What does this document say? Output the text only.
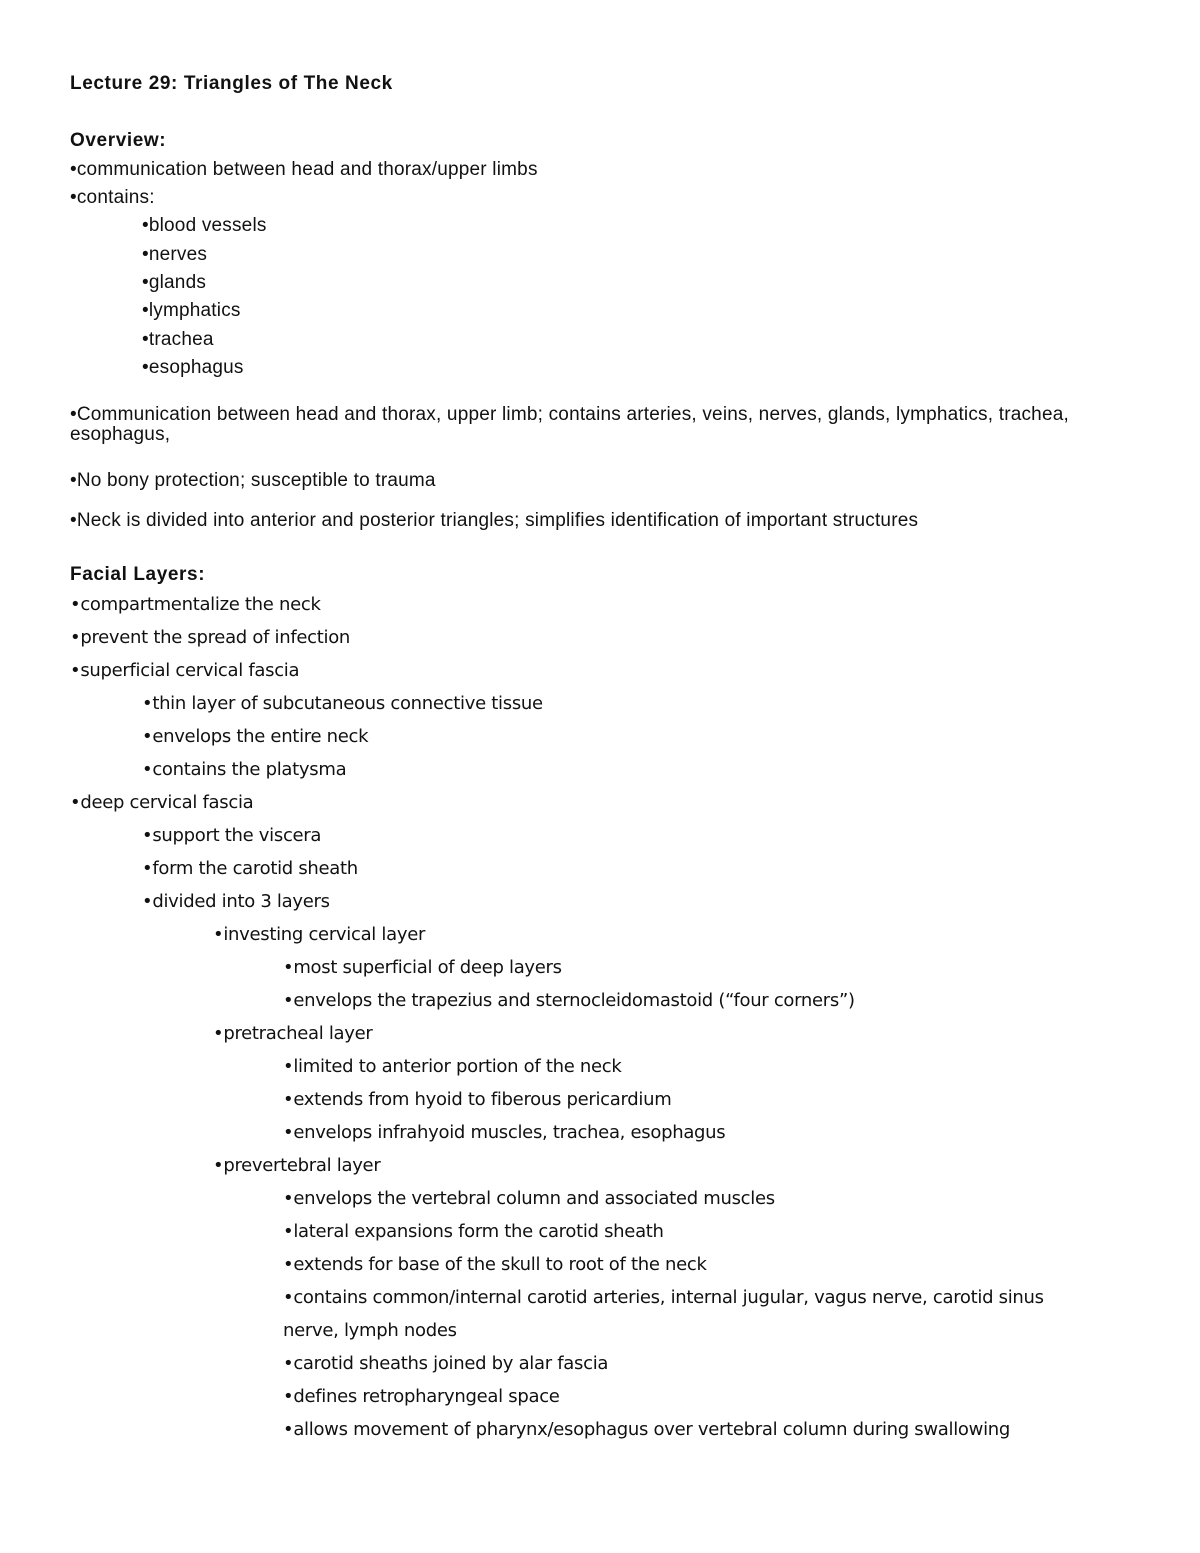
Lecture 29: Triangles of The Neck
Overview:
•communication between head and thorax/upper limbs
•contains:
•blood vessels
•nerves
•glands
•lymphatics
•trachea
•esophagus
•Communication between head and thorax, upper limb; contains arteries, veins, nerves, glands, lymphatics, trachea, esophagus,
•No bony protection; susceptible to trauma
•Neck is divided into anterior and posterior triangles; simplifies identification of important structures
Facial Layers:
•compartmentalize the neck
•prevent the spread of infection
•superficial cervical fascia
•thin layer of subcutaneous connective tissue
•envelops the entire neck
•contains the platysma
•deep cervical fascia
•support the viscera
•form the carotid sheath
•divided into 3 layers
•investing cervical layer
•most superficial of deep layers
•envelops the trapezius and sternocleidomastoid (“four corners”)
•pretracheal layer
•limited to anterior portion of the neck
•extends from hyoid to fiberous pericardium
•envelops infrahyoid muscles, trachea, esophagus
•prevertebral layer
•envelops the vertebral column and associated muscles
•lateral expansions form the carotid sheath
•extends for base of the skull to root of the neck
•contains common/internal carotid arteries, internal jugular, vagus nerve, carotid sinus
nerve, lymph nodes
•carotid sheaths joined by alar fascia
•defines retropharyngeal space
•allows movement of pharynx/esophagus over vertebral column during swallowing
